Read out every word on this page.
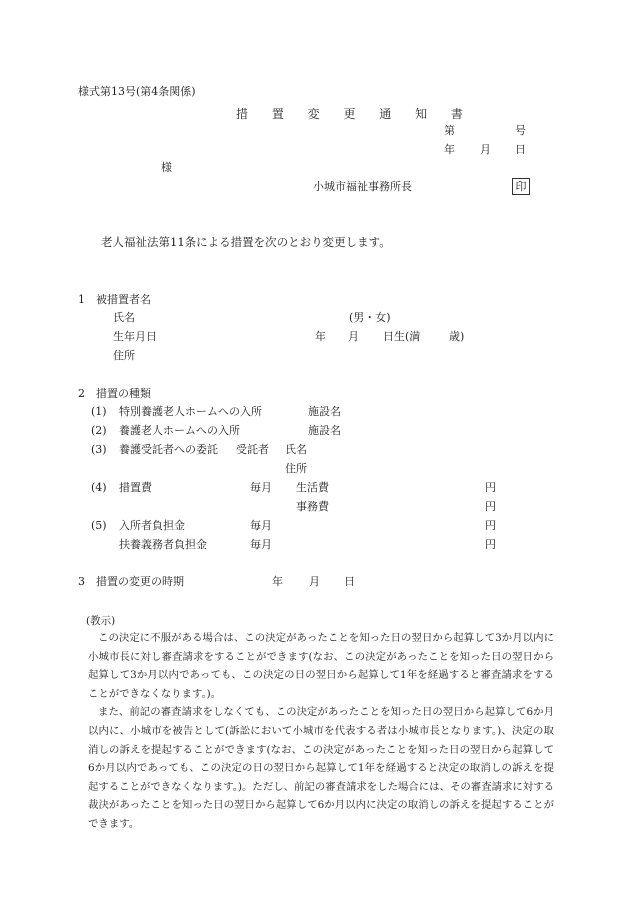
様式第13号(第4条関係)
措 置 変 更 通 知 書
第	号
年 月 日
様
小城市福祉事務所長	印
老人福祉法第11条による措置を次のとおり変更します。
1　被措置者名
氏名	(男・女)
生年月日	年 月 日生(満	歳)
住所
2　措置の種類
(1) 特別養護老人ホームへの入所	施設名
(2) 養護老人ホームへの入所	施設名
(3) 養護受託者への委託 受託者 氏名
住所
(4) 措置費	毎月 生活費	円
事務費	円
(5) 入所者負担金	毎月	円
扶養義務者負担金	毎月	円
3　措置の変更の時期	年 月 日
(教示)

この決定に不服がある場合は、この決定があったことを知った日の翌日から起算して3か月以内に小城市長に対し審査請求をすることができます(なお、この決定があったことを知った日の翌日から起算して3か月以内であっても、この決定の日の翌日から起算して1年を経過すると審査請求をすることができなくなります。)。

また、前記の審査請求をしなくても、この決定があったことを知った日の翌日から起算して6か月以内に、小城市を被告として(訴訟において小城市を代表する者は小城市長となります。)、決定の取消しの訴えを提起することができます(なお、この決定があったことを知った日の翌日から起算して6か月以内であっても、この決定の日の翌日から起算して1年を経過すると決定の取消しの訴えを提起することができなくなります。)。ただし、前記の審査請求をした場合には、その審査請求に対する裁決があったことを知った日の翌日から起算して6か月以内に決定の取消しの訴えを提起することができます。
